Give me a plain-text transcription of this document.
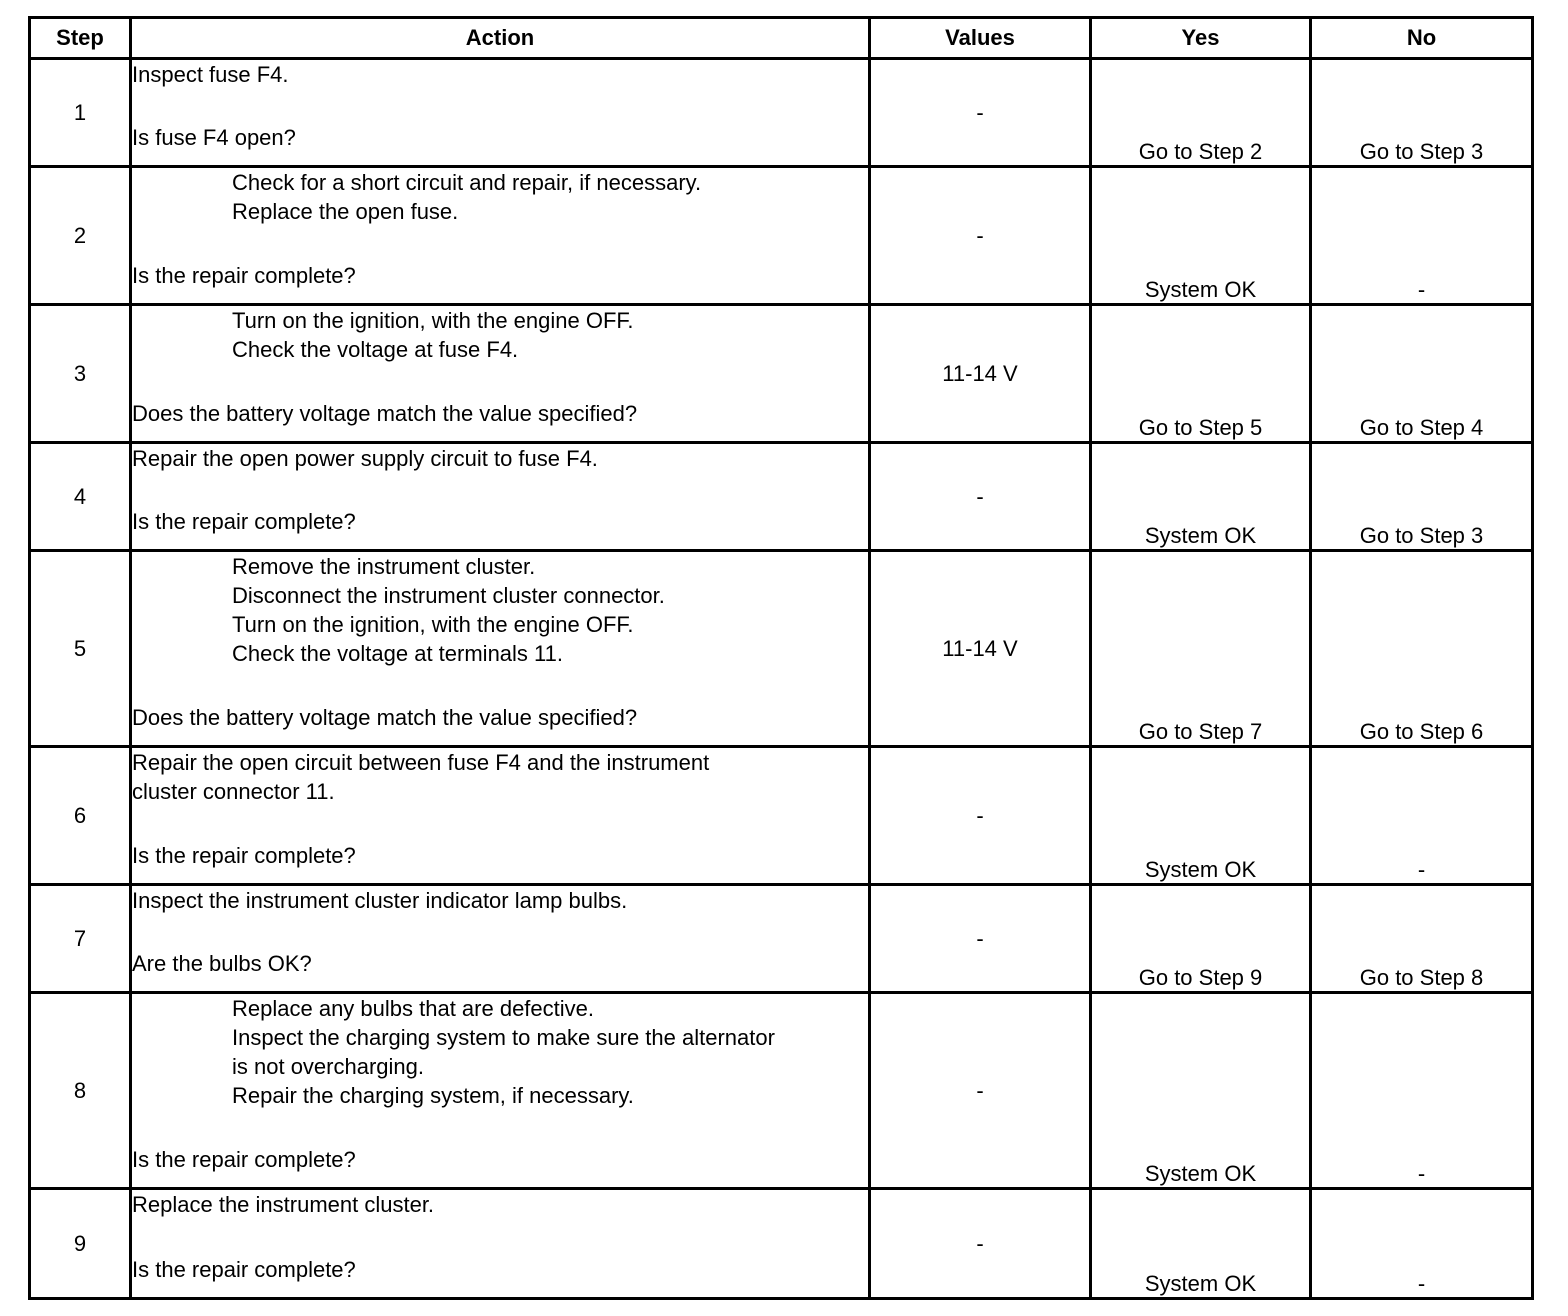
Step	Action	Values	Yes	No
1	Inspect fuse F4.
Is fuse F4 open?	-	Go to Step 2	Go to Step 3
2	Check for a short circuit and repair, if necessary.
Replace the open fuse.
Is the repair complete?	-	System OK	-
3	Turn on the ignition, with the engine OFF.
Check the voltage at fuse F4.
Does the battery voltage match the value specified?	11-14 V	Go to Step 5	Go to Step 4
4	Repair the open power supply circuit to fuse F4.
Is the repair complete?	-	System OK	Go to Step 3
5	Remove the instrument cluster.
Disconnect the instrument cluster connector.
Turn on the ignition, with the engine OFF.
Check the voltage at terminals 11.
Does the battery voltage match the value specified?	11-14 V	Go to Step 7	Go to Step 6
6	Repair the open circuit between fuse F4 and the instrument
cluster connector 11.
Is the repair complete?	-	System OK	-
7	Inspect the instrument cluster indicator lamp bulbs.
Are the bulbs OK?	-	Go to Step 9	Go to Step 8
8	Replace any bulbs that are defective.
Inspect the charging system to make sure the alternator
is not overcharging.
Repair the charging system, if necessary.
Is the repair complete?	-	System OK	-
9	Replace the instrument cluster.
Is the repair complete?	-	System OK	-
